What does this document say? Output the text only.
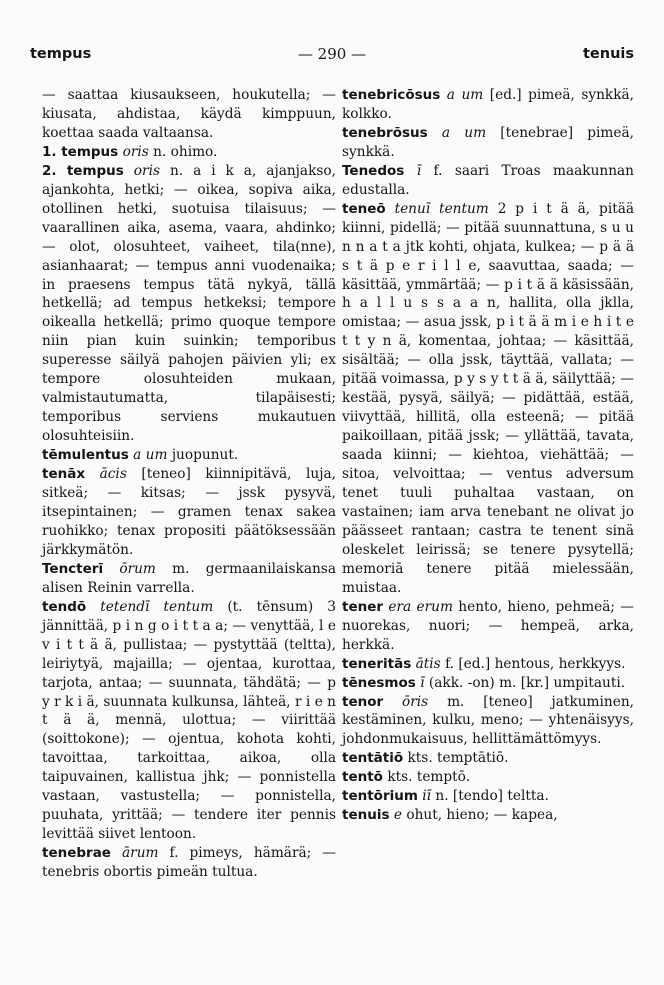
tempus	— 290 —	tenuis

— saattaa kiusaukseen, houkutella; — kiusata, ahdistaa, käydä kimppuun, koettaa saada valtaansa.

1. tempus oris n. ohimo.

2. tempus oris n. a i k a, ajanjakso, ajankohta, hetki; — oikea, sopiva aika, otollinen hetki, suotuisa tilaisuus; — vaarallinen aika, asema, vaara, ahdinko; — olot, olosuhteet, vaiheet, tila(nne), asianhaarat; — tempus anni vuodenaika; in praesens tempus tätä nykyä, tällä hetkellä; ad tempus hetkeksi; tempore oikealla hetkellä; primo quoque tempore niin pian kuin suinkin; temporibus superesse säilyä pahojen päivien yli; ex tempore olosuhteiden mukaan, valmistautumatta, tilapäisesti; temporibus serviens mukautuen olosuhteisiin.

tēmulentus a um juopunut.

tenāx ācis [teneo] kiinnipitävä, luja, sitkeä; — kitsas; — jssk pysyvä, itsepintainen; — gramen tenax sakea ruohikko; tenax propositi päätöksessään järkkymätön.

Tencterī ōrum m. germaanilaiskansa alisen Reinin varrella.

tendō tetendī tentum (t. tēnsum) 3 jännittää, p i n g o i t t a a; — venyttää, l e v i t t ä ä, pullistaa; — pystyttää (teltta), leiriytyä, majailla; — ojentaa, kurottaa, tarjota, antaa; — suunnata, tähdätä; — p y r k i ä, suunnata kulkunsa, lähteä, r i e n t ä ä, mennä, ulottua; — viirittää (soittokone); — ojentua, kohota kohti, tavoittaa, tarkoittaa, aikoa, olla taipuvainen, kallistua jhk; — ponnistella vastaan, vastustella; — ponnistella, puuhata, yrittää; — tendere iter pennis levittää siivet lentoon.

tenebrae ārum f. pimeys, hämärä; — tenebris obortis pimeän tultua.

tenebricōsus a um [ed.] pimeä, synkkä, kolkko.

tenebrōsus a um [tenebrae] pimeä, synkkä.

Tenedos ī f. saari Troas maakunnan edustalla.

teneō tenuī tentum 2 p i t ä ä, pitää kiinni, pidellä; — pitää suunnattuna, s u u n n a t a jtk kohti, ohjata, kulkea; — p ä ä s t ä p e r i l l e, saavuttaa, saada; — käsittää, ymmärtää; — p i t ä ä käsissään, h a l l u s s a a n, hallita, olla jklla, omistaa; — asua jssk, p i t ä ä m i e h i t e t t y n ä, komentaa, johtaa; — käsittää, sisältää; — olla jssk, täyttää, vallata; — pitää voimassa, p y s y t t ä ä, säilyttää; — kestää, pysyä, säilyä; — pidättää, estää, viivyttää, hillitä, olla esteenä; — pitää paikoillaan, pitää jssk; — yllättää, tavata, saada kiinni; — kiehtoa, viehättää; — sitoa, velvoittaa; — ventus adversum tenet tuuli puhaltaa vastaan, on vastainen; iam arva tenebant ne olivat jo päässeet rantaan; castra te tenent sinä oleskelet leirissä; se tenere pysytellä; memoriā tenere pitää mielessään, muistaa.

tener era erum hento, hieno, pehmeä; — nuorekas, nuori; — hempeä, arka, herkkä.

teneritās ātis f. [ed.] hentous, herkkyys.

tēnesmos ī (akk. -on) m. [kr.] umpitauti.

tenor ōris m. [teneo] jatkuminen, kestäminen, kulku, meno; — yhtenäisyys, johdonmukaisuus, hellittämättömyys.

tentātiō kts. temptātiō.

tentō kts. temptō.

tentōrium iī n. [tendo] teltta.

tenuis e ohut, hieno; — kapea,
